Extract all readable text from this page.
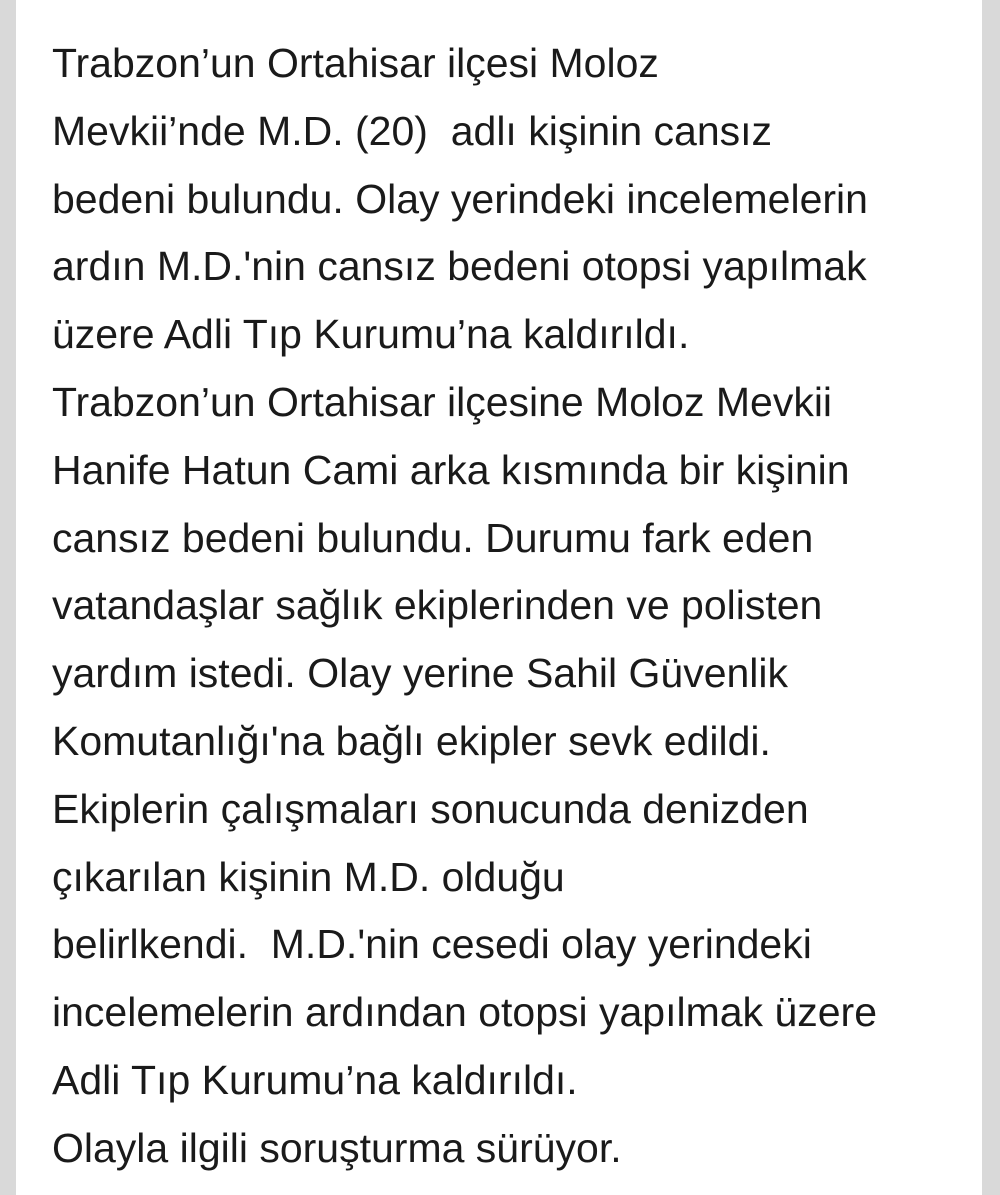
Trabzon’un Ortahisar ilçesi Moloz
Mevkii’nde M.D. (20)  adlı kişinin cansız
bedeni bulundu. Olay yerindeki incelemelerin
ardın M.D.'nin cansız bedeni otopsi yapılmak
üzere Adli Tıp Kurumu’na kaldırıldı.
Trabzon’un Ortahisar ilçesine Moloz Mevkii
Hanife Hatun Cami arka kısmında bir kişinin
cansız bedeni bulundu. Durumu fark eden
vatandaşlar sağlık ekiplerinden ve polisten
yardım istedi. Olay yerine Sahil Güvenlik
Komutanlığı'na bağlı ekipler sevk edildi.
Ekiplerin çalışmaları sonucunda denizden
çıkarılan kişinin M.D. olduğu
belirlkendi.  M.D.'nin cesedi olay yerindeki
incelemelerin ardından otopsi yapılmak üzere
Adli Tıp Kurumu’na kaldırıldı.
Olayla ilgili soruşturma sürüyor.
